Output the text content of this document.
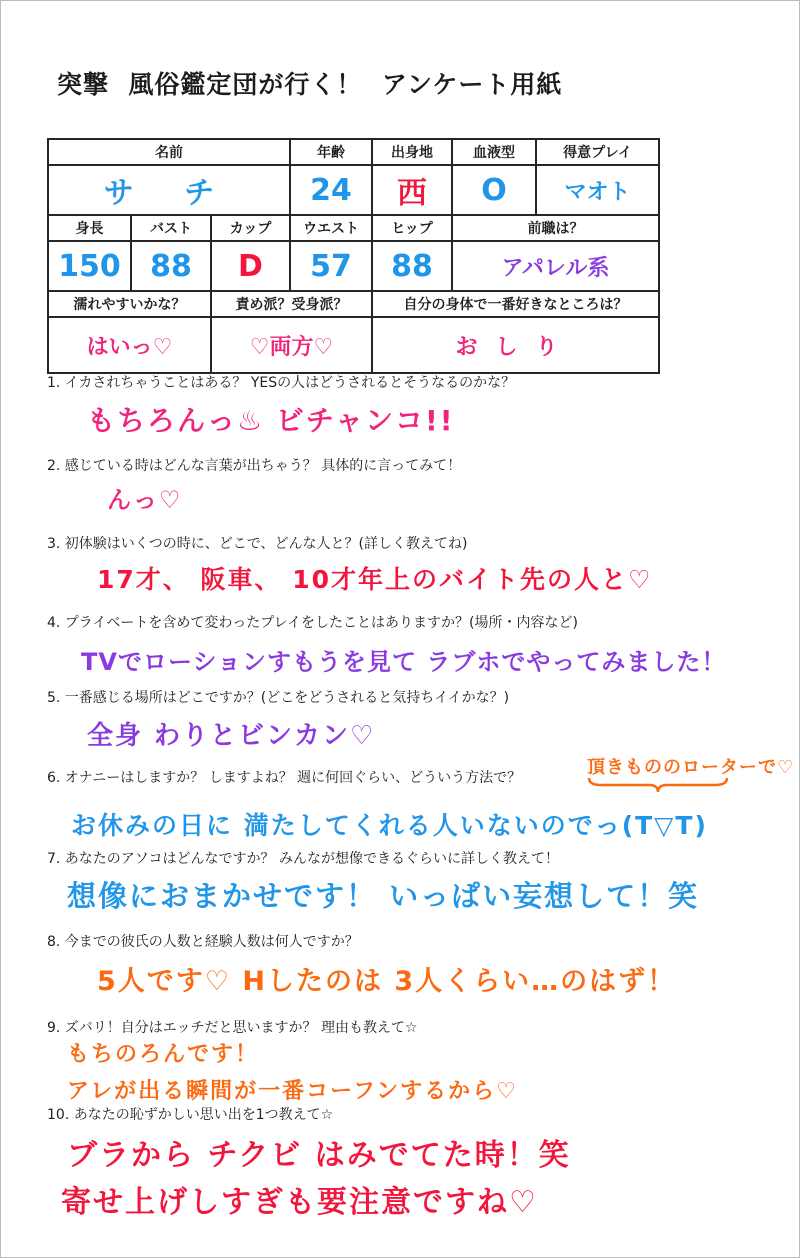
突撃  風俗鑑定団が行く！  アンケート用紙
名前			年齢	出身地	血液型	得意プレイ
サ チ			24	西	O	マオト
身長	バスト	カップ	ウエスト	ヒップ	前職は？	
150	88	D	57	88	アパレル系	
濡れやすいかな？		責め派？受身派？		自分の身体で一番好きなところは？		
はいっ♡		♡両方♡		おしり		
1. イカされちゃうことはある？ YESの人はどうされるとそうなるのかな？
もちろんっ♨ ビチャンコ!!
2. 感じている時はどんな言葉が出ちゃう？ 具体的に言ってみて！
んっ♡
3. 初体験はいくつの時に、どこで、どんな人と？(詳しく教えてね)
17才、 阪車、 10才年上のバイト先の人と♡
4. プライベートを含めて変わったプレイをしたことはありますか？(場所・内容など)
TVでローションすもうを見て ラブホでやってみました！
5. 一番感じる場所はどこですか？(どこをどうされると気持ちイイかな？)
全身 わりとビンカン♡
6. オナニーはしますか？ しますよね？ 週に何回ぐらい、どういう方法で？	頂きもののローターで♡
お休みの日に 満たしてくれる人いないのでっ(T▽T)
7. あなたのアソコはどんなですか？ みんなが想像できるぐらいに詳しく教えて！
想像におまかせです！ いっぱい妄想して！笑
8. 今までの彼氏の人数と経験人数は何人ですか？
5人です♡ Hしたのは 3人くらい…のはず！
9. ズバリ！自分はエッチだと思いますか？ 理由も教えて☆
もちのろんです！
アレが出る瞬間が一番コーフンするから♡
10. あなたの恥ずかしい思い出を1つ教えて☆
ブラから チクビ はみでてた時！笑
寄せ上げしすぎも要注意ですね♡
